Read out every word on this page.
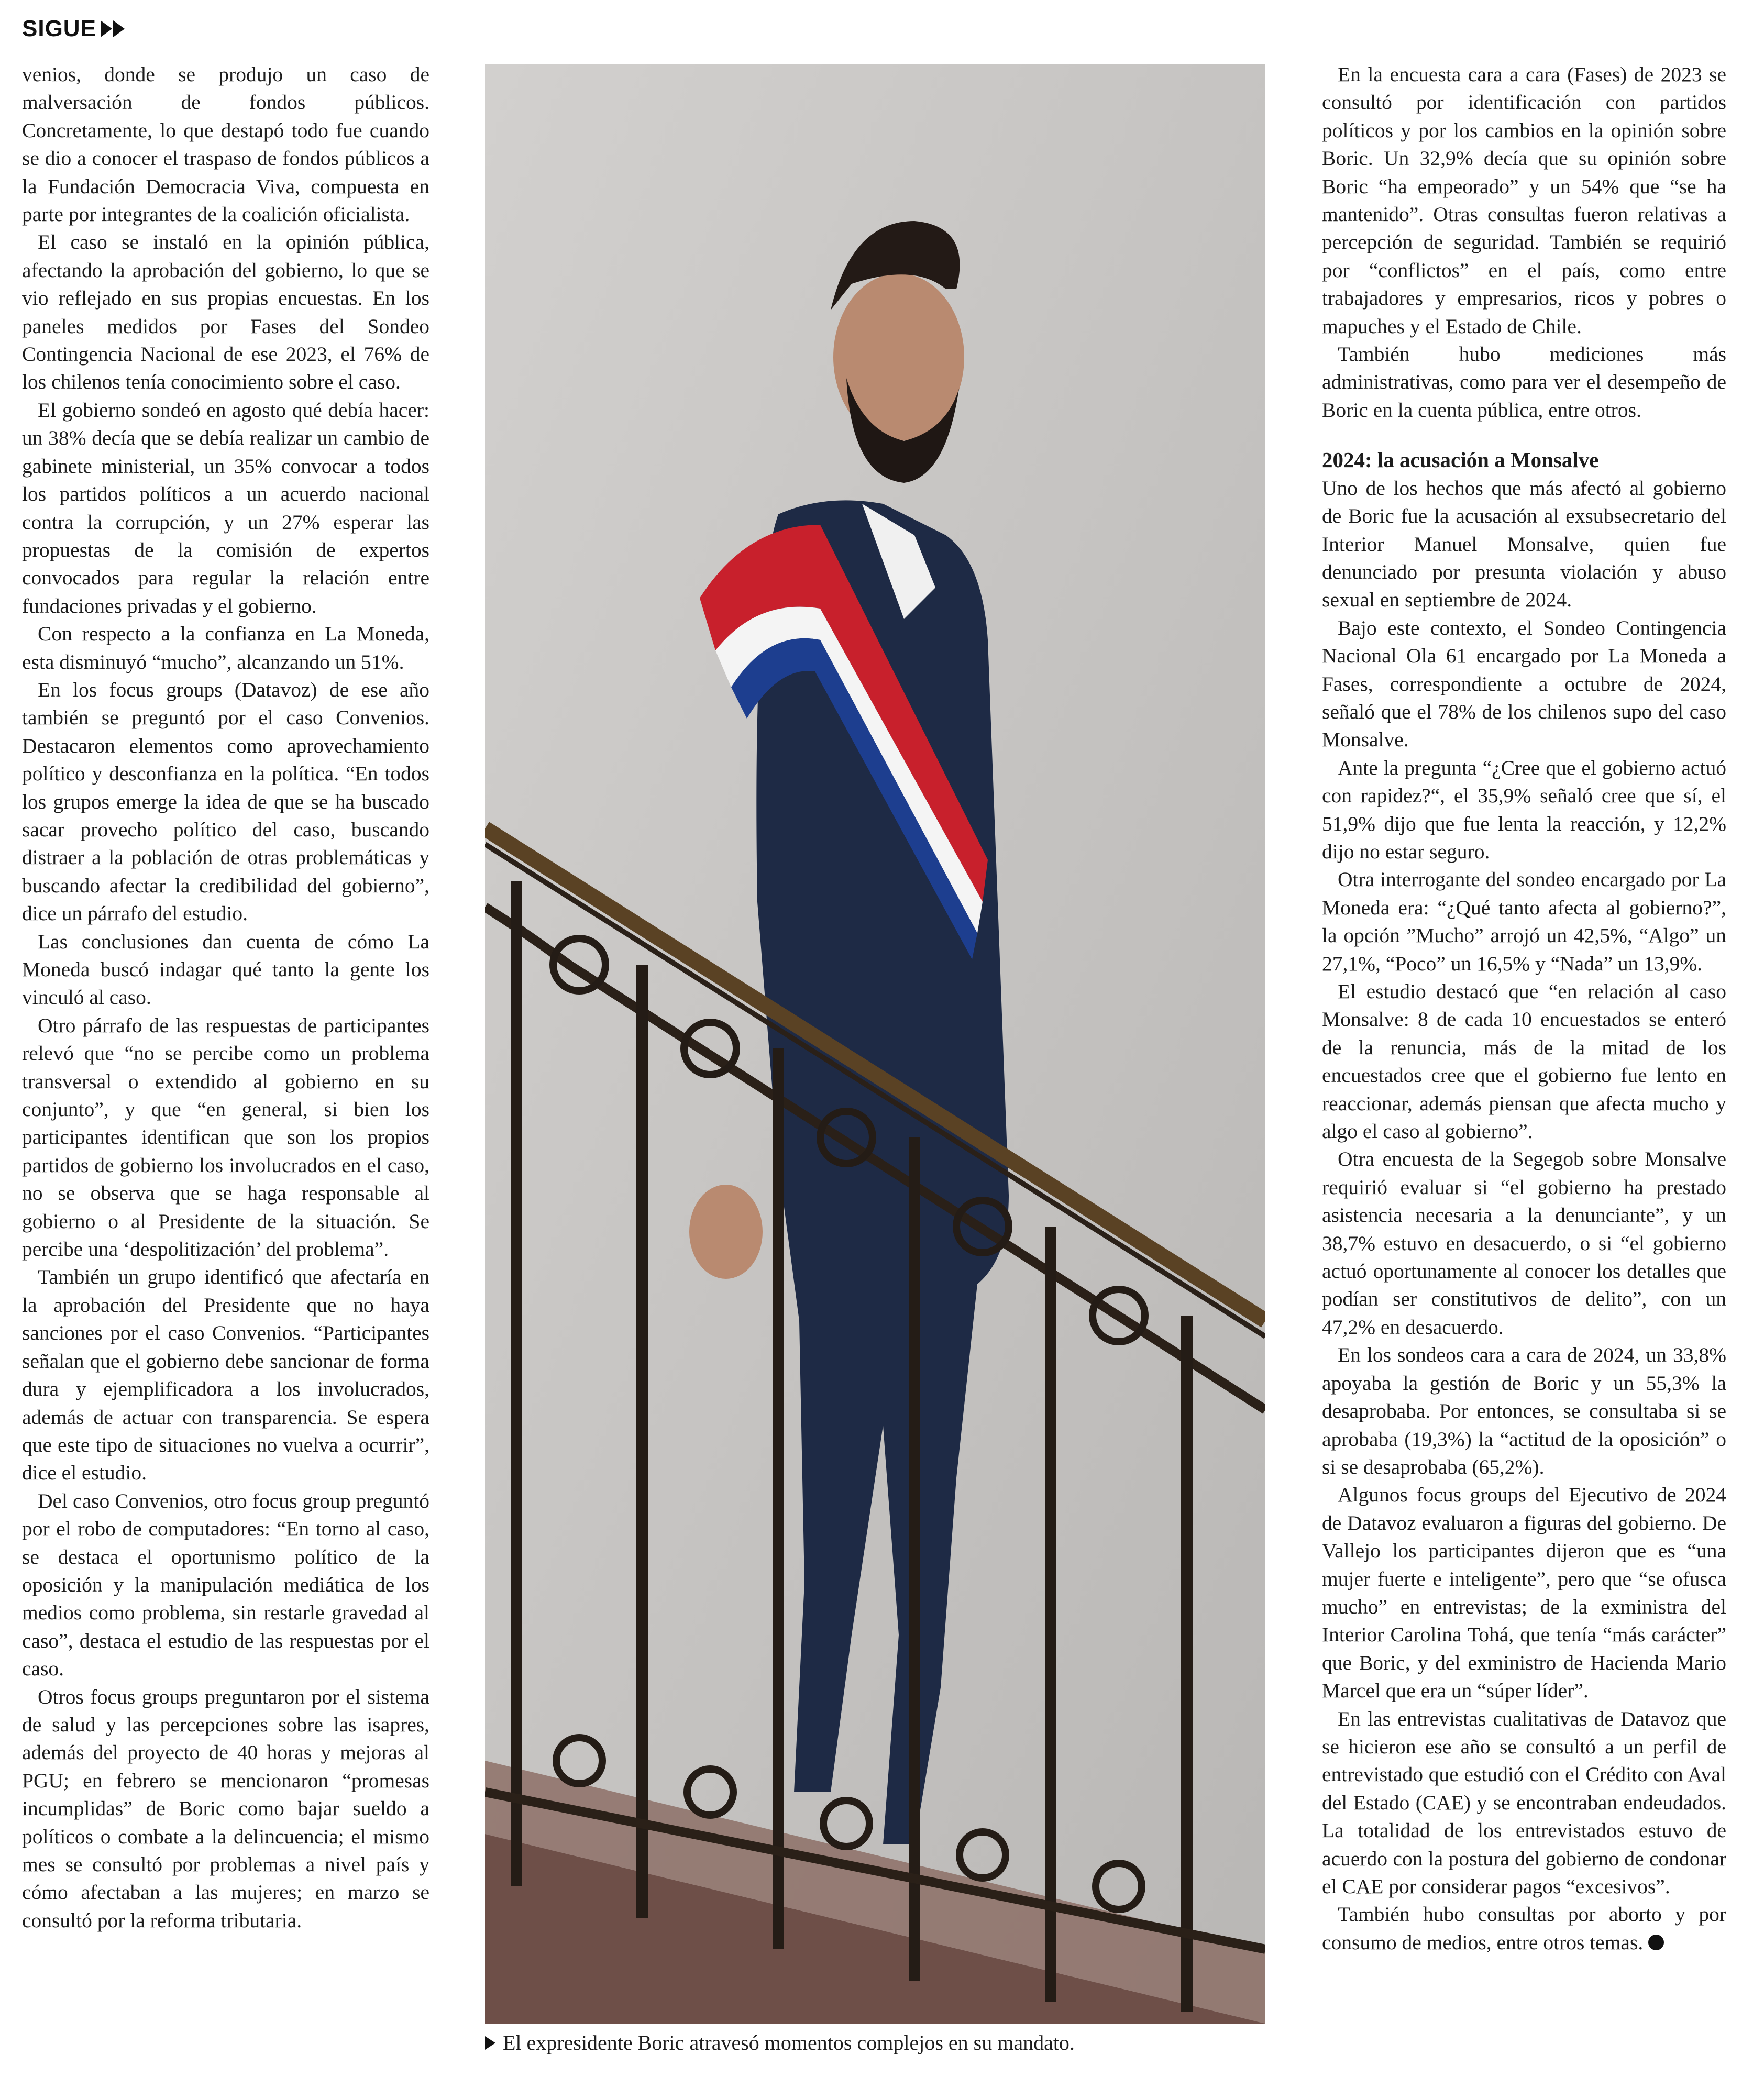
SIGUE

venios, donde se produjo un caso de malversación de fondos públicos. Concretamente, lo que destapó todo fue cuando se dio a conocer el traspaso de fondos públicos a la Fundación Democracia Viva, compuesta en parte por integrantes de la coalición oficialista.

El caso se instaló en la opinión pública, afectando la aprobación del gobierno, lo que se vio reflejado en sus propias encuestas. En los paneles medidos por Fases del Sondeo Contingencia Nacional de ese 2023, el 76% de los chilenos tenía conocimiento sobre el caso.

El gobierno sondeó en agosto qué debía hacer: un 38% decía que se debía realizar un cambio de gabinete ministerial, un 35% convocar a todos los partidos políticos a un acuerdo nacional contra la corrupción, y un 27% esperar las propuestas de la comisión de expertos convocados para regular la relación entre fundaciones privadas y el gobierno.

Con respecto a la confianza en La Moneda, esta disminuyó “mucho”, alcanzando un 51%.

En los focus groups (Datavoz) de ese año también se preguntó por el caso Convenios. Destacaron elementos como aprovechamiento político y desconfianza en la política. “En todos los grupos emerge la idea de que se ha buscado sacar provecho político del caso, buscando distraer a la población de otras problemáticas y buscando afectar la credibilidad del gobierno”, dice un párrafo del estudio.

Las conclusiones dan cuenta de cómo La Moneda buscó indagar qué tanto la gente los vinculó al caso.

Otro párrafo de las respuestas de participantes relevó que “no se percibe como un problema transversal o extendido al gobierno en su conjunto”, y que “en general, si bien los participantes identifican que son los propios partidos de gobierno los involucrados en el caso, no se observa que se haga responsable al gobierno o al Presidente de la situación. Se percibe una ‘despolitización’ del problema”.

También un grupo identificó que afectaría en la aprobación del Presidente que no haya sanciones por el caso Convenios. “Participantes señalan que el gobierno debe sancionar de forma dura y ejemplificadora a los involucrados, además de actuar con transparencia. Se espera que este tipo de situaciones no vuelva a ocurrir”, dice el estudio.

Del caso Convenios, otro focus group preguntó por el robo de computadores: “En torno al caso, se destaca el oportunismo político de la oposición y la manipulación mediática de los medios como problema, sin restarle gravedad al caso”, destaca el estudio de las respuestas por el caso.

Otros focus groups preguntaron por el sistema de salud y las percepciones sobre las isapres, además del proyecto de 40 horas y mejoras al PGU; en febrero se mencionaron “promesas incumplidas” de Boric como bajar sueldo a políticos o combate a la delincuencia; el mismo mes se consultó por problemas a nivel país y cómo afectaban a las mujeres; en marzo se consultó por la reforma tributaria.

El expresidente Boric atravesó momentos complejos en su mandato.

En la encuesta cara a cara (Fases) de 2023 se consultó por identificación con partidos políticos y por los cambios en la opinión sobre Boric. Un 32,9% decía que su opinión sobre Boric “ha empeorado” y un 54% que “se ha mantenido”. Otras consultas fueron relativas a percepción de seguridad. También se requirió por “conflictos” en el país, como entre trabajadores y empresarios, ricos y pobres o mapuches y el Estado de Chile.

También hubo mediciones más administrativas, como para ver el desempeño de Boric en la cuenta pública, entre otros.

2024: la acusación a Monsalve

Uno de los hechos que más afectó al gobierno de Boric fue la acusación al exsubsecretario del Interior Manuel Monsalve, quien fue denunciado por presunta violación y abuso sexual en septiembre de 2024.

Bajo este contexto, el Sondeo Contingencia Nacional Ola 61 encargado por La Moneda a Fases, correspondiente a octubre de 2024, señaló que el 78% de los chilenos supo del caso Monsalve.

Ante la pregunta “¿Cree que el gobierno actuó con rapidez?“, el 35,9% señaló cree que sí, el 51,9% dijo que fue lenta la reacción, y 12,2% dijo no estar seguro.

Otra interrogante del sondeo encargado por La Moneda era: “¿Qué tanto afecta al gobierno?”, la opción ”Mucho” arrojó un 42,5%, “Algo” un 27,1%, “Poco” un 16,5% y “Nada” un 13,9%.

El estudio destacó que “en relación al caso Monsalve: 8 de cada 10 encuestados se enteró de la renuncia, más de la mitad de los encuestados cree que el gobierno fue lento en reaccionar, además piensan que afecta mucho y algo el caso al gobierno”.

Otra encuesta de la Segegob sobre Monsalve requirió evaluar si “el gobierno ha prestado asistencia necesaria a la denunciante”, y un 38,7% estuvo en desacuerdo, o si “el gobierno actuó oportunamente al conocer los detalles que podían ser constitutivos de delito”, con un 47,2% en desacuerdo.

En los sondeos cara a cara de 2024, un 33,8% apoyaba la gestión de Boric y un 55,3% la desaprobaba. Por entonces, se consultaba si se aprobaba (19,3%) la “actitud de la oposición” o si se desaprobaba (65,2%).

Algunos focus groups del Ejecutivo de 2024 de Datavoz evaluaron a figuras del gobierno. De Vallejo los participantes dijeron que es “una mujer fuerte e inteligente”, pero que “se ofusca mucho” en entrevistas; de la exministra del Interior Carolina Tohá, que tenía “más carácter” que Boric, y del exministro de Hacienda Mario Marcel que era un “súper líder”.

En las entrevistas cualitativas de Datavoz que se hicieron ese año se consultó a un perfil de entrevistado que estudió con el Crédito con Aval del Estado (CAE) y se encontraban endeudados. La totalidad de los entrevistados estuvo de acuerdo con la postura del gobierno de condonar el CAE por considerar pagos “excesivos”.

También hubo consultas por aborto y por consumo de medios, entre otros temas.
